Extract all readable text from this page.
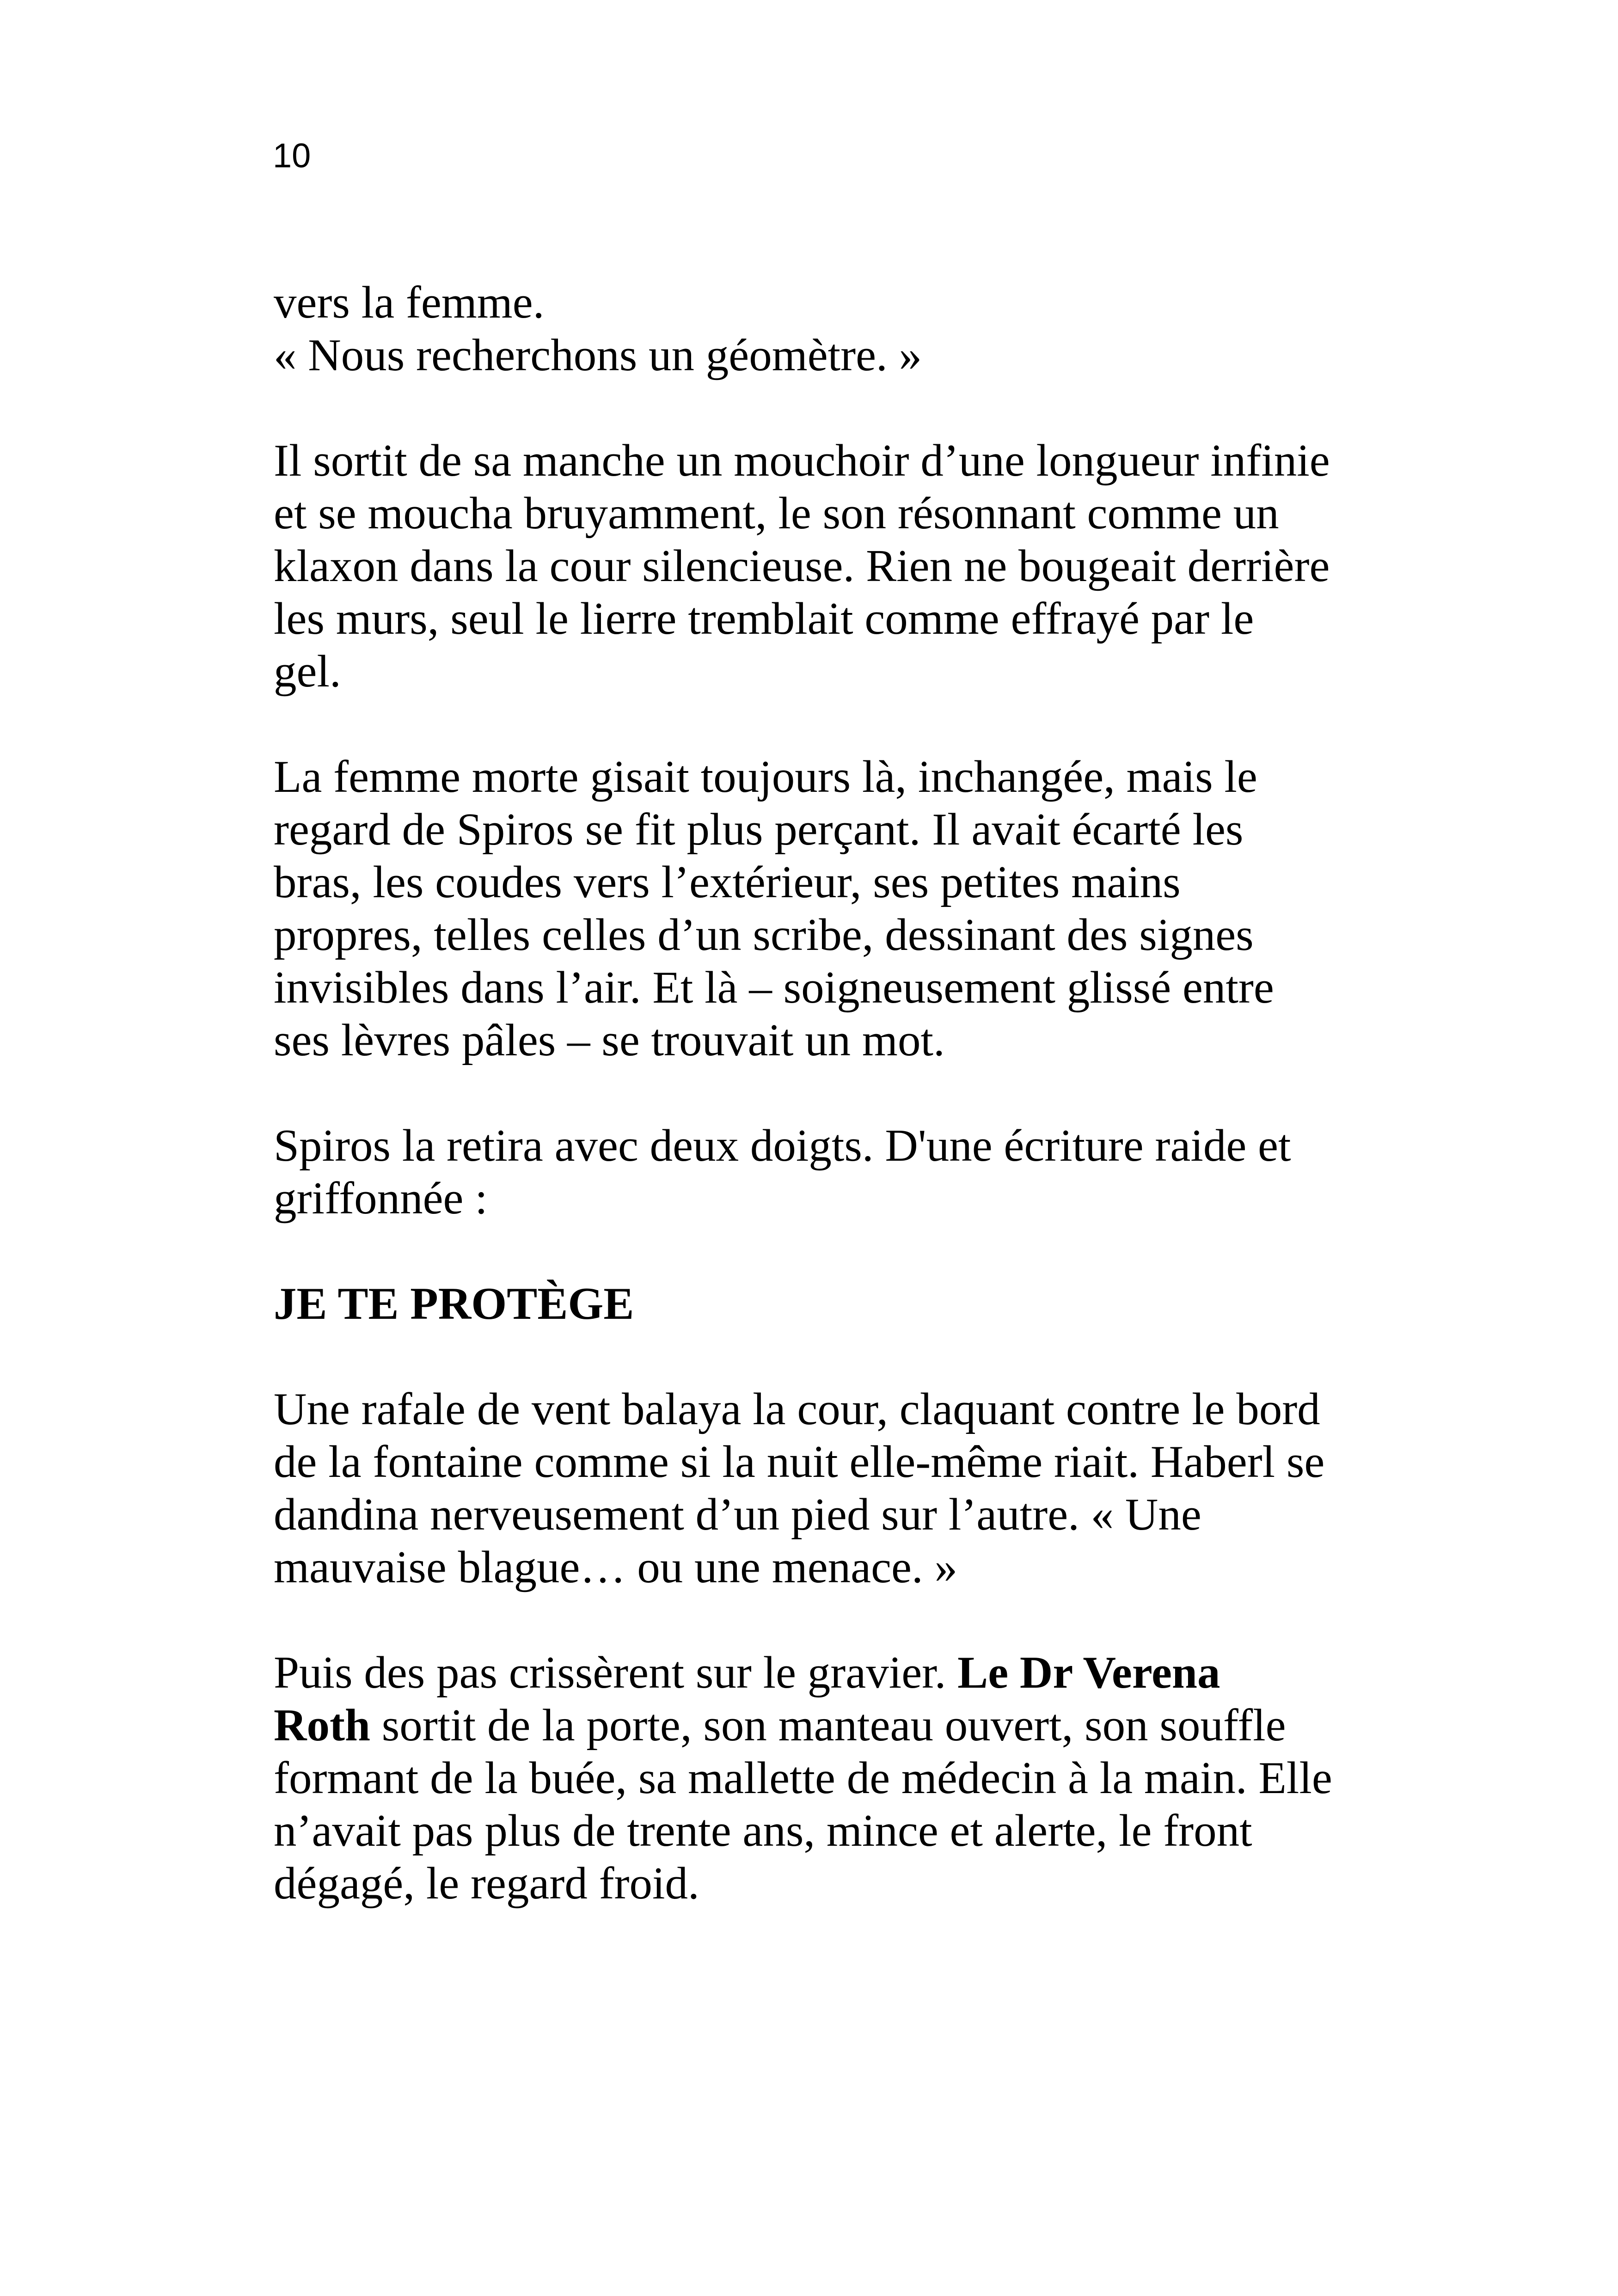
10

vers la femme.
« Nous recherchons un géomètre. »

Il sortit de sa manche un mouchoir d’une longueur infinie
et se moucha bruyamment, le son résonnant comme un
klaxon dans la cour silencieuse. Rien ne bougeait derrière
les murs, seul le lierre tremblait comme effrayé par le
gel.

La femme morte gisait toujours là, inchangée, mais le
regard de Spiros se fit plus perçant. Il avait écarté les
bras, les coudes vers l’extérieur, ses petites mains
propres, telles celles d’un scribe, dessinant des signes
invisibles dans l’air. Et là – soigneusement glissé entre
ses lèvres pâles – se trouvait un mot.

Spiros la retira avec deux doigts. D'une écriture raide et
griffonnée :

JE TE PROTÈGE

Une rafale de vent balaya la cour, claquant contre le bord
de la fontaine comme si la nuit elle-même riait. Haberl se
dandina nerveusement d’un pied sur l’autre. « Une
mauvaise blague… ou une menace. »

Puis des pas crissèrent sur le gravier. Le Dr Verena
Roth sortit de la porte, son manteau ouvert, son souffle
formant de la buée, sa mallette de médecin à la main. Elle
n’avait pas plus de trente ans, mince et alerte, le front
dégagé, le regard froid.
